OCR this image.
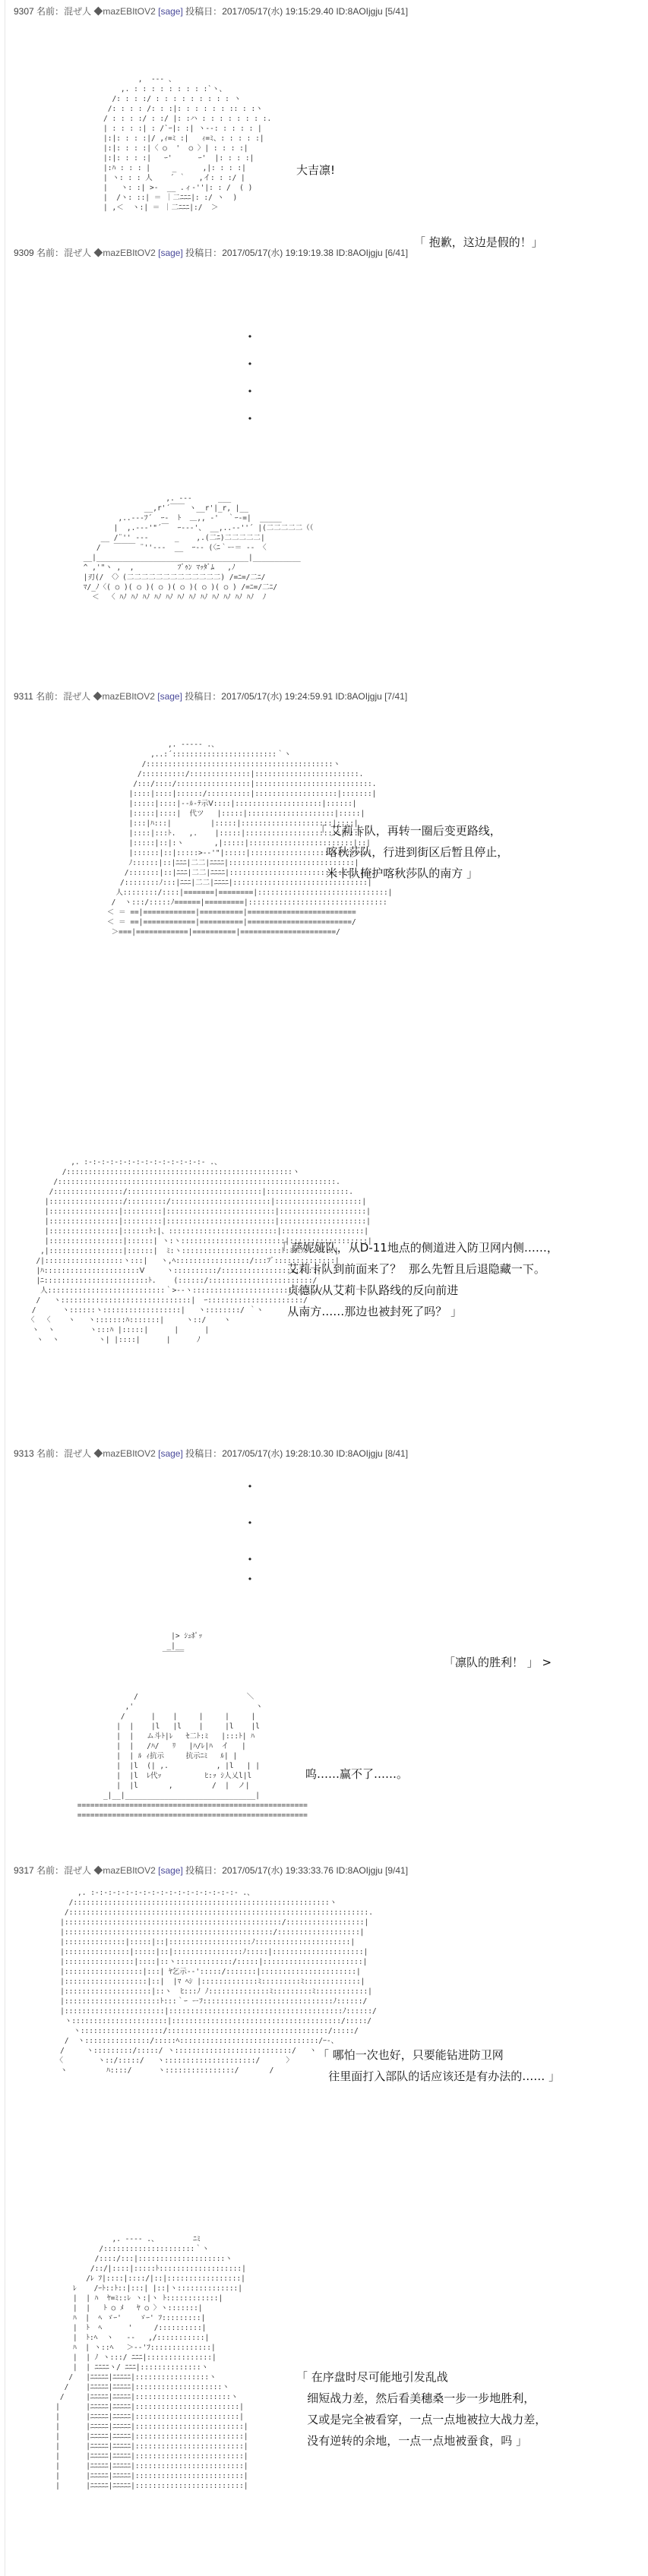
9307 名前：混ぜ人 ◆mazEBItOV2 [sage] 投稿日：2017/05/17(水) 19:15:29.40 ID:8AOIjgju [5/41]
,  -‐- 、
,. : : : : : : : : :`ヽ、
/: : : :/ : : : : : : : : : ヽ
/: : : : /: : :|: : : : : : :: : :ヽ
/ : : : :/ : :/ |: :ハ : : : : : : : :.
| : : : :| : /`ｰ|: :| ヽ‐-: : : : : |
|:|: : : :|/ ,ｨ=ﾐ :|   ｨ=ﾐ、: : : : :|
|:|: : : :|〈 ○  '  ○ 〉| : : : :|
|:|: : : :|   ｰ'      ｰ'  |: : : :|
|:ﾊ : : : |     _      ,|: : : :|
| ヽ: : : 人    ´ ｀   ,イ: : :/ |
|   ヽ: :| >-  __ .ィ‐''|: : /  ( )
|  /ヽ: ::| ＝ ｜二ﾆﾆﾆ|: :/ ヽ  )
| ,＜  ヽ:| ＝ ｜二ﾆﾆﾆ|:/  ＞
大吉凛!
「 抱歉，这边是假的！」
9309 名前：混ぜ人 ◆mazEBItOV2 [sage] 投稿日：2017/05/17(水) 19:19:19.38 ID:8AOIjgju [6/41]
・
・
・
・
,. -‐-      ___
__,r'´￣￣ ヽ__r'|_r, |__
,..---ﾌ´  ｰ-  ﾄ  ＿,, ‐'  ｀ｰ-=|  _____
|  ,.--‐'"´￣  ｰ--‐'、 __,..-‐''´ |(二二二二二（（
__ /¨'' ---      _    ,.(二ﾆ)二二二二二|
/   ￣￣￣ ¨''---  __  ｰ-‐ (〈ﾆ｀ー＝ -- 〈
__|___________________________________|___________
^ ,'"ヽ ,  ,	ﾌﾞｩﾝ ﾏｯﾀﾞﾑ   ,ﾉ
|刃(/ 〈〉(二二二二二二二二二二二二二) /=ﾆ=/二ﾆ/
ﾏ/_ﾉ〈( ○ )( ○ )( ○ )( ○ )( ○ )( ○ ) /=ﾆ=/二ﾆ/
＜  〈 ﾊﾉ ﾊﾉ ﾊﾉ ﾊﾉ ﾊﾉ ﾊﾉ ﾊﾉ ﾊﾉ ﾊﾉ ﾊﾉ ﾊﾉ ﾊﾉ  ﾉ
9311 名前：混ぜ人 ◆mazEBItOV2 [sage] 投稿日：2017/05/17(水) 19:24:59.91 ID:8AOIjgju [7/41]
,. -‐‐‐- .、
,..:´::::::::::::::::::::::::｀ヽ
/:::::::::::::::::::::::::::::::::::::::::::ヽ
/::::::::::/::::::::::::::|::::::::::::::::::::::::.
/:::/::::/:::::::::::::::::|:::::::::::::::::::::::::::.
|::::|::::|::::::/::::::::::|:::::::::::::::::::|:::::::|
|:::::|::::|‐-ﾙ‐ﾃ示Ⅴ::::|::::::::::::::::::::|::::::|
|:::::|::::|  代ツ   |:::::|::::::::::::::::::::|:::::|
|:::|ﾊ:::|         |:::::|:::::::::::::::::::::|::::|
|::::|:::ﾄ.   ,.    |:::::|::::::::::::::::::::::|:::|
|:::::|::|:ヽ       ,|:::::|::::::::::::::::::::::::|::|
|::::::|::|:::::>-‐'"|:::::|:::::::::::::::::::::::::::|
ﾉ::::::|::|ﾆﾆﾆ|二二|ﾆﾆﾆﾆ|:::::::::::::::::::::::::::::|
/:::::::|::|ﾆﾆﾆ|二二|ﾆﾆﾆﾆ|::::::::::::::::::::::::::::::|
/::::::::ﾉ:::|ﾆﾆﾆ|二二|ﾆﾆﾆﾆ|:::::::::::::::::::::::::::::::|
人::::::::/::::|=======|========|::::::::::::::::::::::::::::::|
/  ヽ:::/:::::ﾉ======|=========|::::::::::::::::::::::::::::::::
＜ ＝ ==|============|==========|=========================
＜ ＝ ==|============|==========|========================/
＞===|============|==========|======================/
「 艾莉卡队，再转一圈后变更路线，
喀秋莎队，行进到街区后暂且停止，
米卡队掩护喀秋莎队的南方 」
,. :‐:‐:‐:‐:‐:‐:‐:‐:‐:‐:‐:‐:‐:- .、
/::::::::::::::::::::::::::::::::::::::::::::::::::::ヽ
/::::::::::::::::::::::::::::::::::::::::::::::::::::::::::::::::.
/::::::::::::::::/:::::::::::::::::::::::::::::::|:::::::::::::::::::.
|:::::::::::::::::/:::::::::/:::::::::::::::::::::::|::::::::::::::::::::|
|::::::::::::::::|:::::::::|:::::::::::::::::::::::::|::::::::::::::::::::|
|::::::::::::::::|:::::::::|:::::::::::::::::::::::::|::::::::::::::::::::|
|::::::::::::::::|::::::ﾄ:|、:::::::::::::::::::::::::|:::::::::::::::::::|
|:::::::::::::::::|::::::| ヽ:ヽ::::::::::::::::::::::::|::::::::::::::::::|
,|:::::::::::::::::|::::::|  ﾐ:ヽ:::::::::::::::::::::::ﾄ:ﾐﾐﾐﾂ:::::::|
/|::::::::::::::::::ヽ:::|   ヽ,ﾍ:::::::::::::::::/:::ﾌﾞ::::::::::::::|
|ﾊ::::::::::::::::::::::Ⅴ     ヽ::::::::::/::::::::::::::::::::::|
|ﾆ::::::::::::::::::::::::ﾄ.    (::::::/::::::::::::::::::::::::/
人:::::::::::::::::::::::::::｀>-‐ヽ:::::::::::::::::::::::::::::/
/   ヽ::::::::::::::::::::::::::::::|  ｰ::::::::::::::::::::::/
/      ヽ::::::ヽ::::::::::::::::::|   ヽ::::::::/ ｀ヽ
〈  〈    ヽ   ヽ:::::::ﾊ:::::::|     ヽ::/    ヽ
ヽ  ヽ        ヽ:::ﾊ |:::::|      |      |
ヽ  ヽ         ヽ| |::::|      |      ﾉ
「 萨妮娅队，从D-11地点的侧道进入防卫网内侧……，
艾莉卡队到前面来了？  那么先暂且后退隐藏一下。
贞德队从艾莉卡队路线的反向前进
从南方……那边也被封死了吗？ 」
9313 名前：混ぜ人 ◆mazEBItOV2 [sage] 投稿日：2017/05/17(水) 19:28:10.30 ID:8AOIjgju [8/41]
・
・
・
・
|> ｼｭﾎﾟｯ
_|__
￣￣￣	「凛队的胜利！ 」 >
/                         ＼
,'                            ヽ
/      |    |     |     |     |
|  |    |l   |l    |     |l    |l
|  |   ム斗ﾄ|ﾚ   ｾ二ﾄ:ﾐ   |:::ﾄ| ﾊ
|  |   /ﾊ/   ﾘ   |ﾊ/ﾚ|ﾊ  イ   |
|  | ﾙ ｨ抗示     抗示ﾆﾐ   ﾙ| |
|  |l  (| ,.           , |l   | |
|  |l  ﾚ代ｯ          ﾋ:ｯ ｼ人乂l|l
|  |l       ,         /  |  ノ|
_|__|______________________________|
=====================================================
=====================================================
呜……赢不了……。
9317 名前：混ぜ人 ◆mazEBItOV2 [sage] 投稿日：2017/05/17(水) 19:33:33.76 ID:8AOIjgju [9/41]
,. :‐:‐:‐:‐:‐:‐:‐:‐:‐:‐:‐:‐:‐:‐:‐:‐:- .、
/:::::::::::::::::::::::::::::::::::::::::::::::::::::::::::ヽ
/:::::::::::::::::::::::::::::::::::::::::::::::::::::::::::::::::::::.
|::::::::::::::::::::::::::::::::::::::::::::::::::/::::::::::::::::::|
|::::::::::::::::::::::::::::::::::::::::::::::::/:::::::::::::::::::|
|::::::::::::::|:::::|::|:::::::::::::::::::ﾉ::::::::::::::::::::::|
|:::::::::::::::|:::::|::|::::::::::::::::ﾉ:::::|:::::::::::::::::::::|
|::::::::::::::::|::::|::ヽ:::::::::::::/:::::|:::::::::::::::::::::::|
|::::::::::::::::::|:::| ﾔ乞示-‐':::::/:::::::|::::::::::::::::::::::|
|:::::::::::::::::::|::|  |ﾏ ﾍｼ |:::::::::::::ﾐ:::::::::ﾐ:::::::::::::|
|::::::::::::::::::::|::ヽ  ﾋ:::ﾉ ﾉ::::::::::::::ﾐ:::::::::ﾐ::::::::::::|
|::::::::::::::::::::::ﾄ:::｀ｰ ーﾌ::::::::::::::::::::::::::::::ﾉ::::::/
|:::::::::::::::::::::::|::::::::::::::::::::::::::::::::::::::::ﾉ::::::/
ヽ::::::::::::::::::::::|:::::::::::::::::::::::::::::::::::::::/:::::/
ヽ:::::::::::::::::::/:::::::::::::::::::::::::::::::::::::/:::::/
/  ヽ:::::::::::::::/:::::ﾍ::::::::::::::::::::::::::::::::/ｰ-、
/     ヽ:::::::::/:::::/ ヽ:::::::::::::::::::::::::::/   ヽ
〈        ヽ::/:::::/   ヽ:::::::::::::::::::::/      〉
ヽ         ﾊ::::/      ヽ::::::::::::::::/       /
「 哪怕一次也好，只要能钻进防卫网
往里面打入部队的话应该还是有办法的…… 」
,. ‐‐‐‐ .、        ﾆﾐ
/:::::::::::::::::::::｀ヽ
/::::/:::|::::::::::::::::::::ヽ
/::/|::::|:::::ﾄ:::::::::::::::::::|
/ﾚ ﾌ|::::|::::/|::|:::::::::::::::::|
ﾚ    /ｰﾄ::ﾄ::|:::| |::|ヽ::::::::::::::|
|  | ﾊ  ﾔ=ﾐ::ﾚ ヽ:|ヽ ﾄ::::::::::::|
|  |   ﾄ ○ ﾒ   ﾔ ○ 〉ヽ:::::::|
ﾊ  |  ﾍ ゞｰ'    ゞｰ' ﾌ:::::::::|
|  ﾄ  ﾍ      '     /::::::::::|
|  ﾄ:ﾍ  ヽ   --   ,/:::::::::::|
ﾊ  | ヽ::ﾍ   ＞-‐'ﾌ::::::::::::::|
|  | ﾉ ヽ:::/ ﾆﾆﾆ|:::::::::::::::|
|  | ﾆﾆﾆﾆヽ/ ﾆﾆﾆ|::::::::::::::ヽ
/   |ﾆﾆﾆﾆﾆ|ﾆﾆﾆﾆﾆ|:::::::::::::::::ヽ
/    |ﾆﾆﾆﾆﾆ|ﾆﾆﾆﾆﾆ|::::::::::::::::::::ヽ
/     |ﾆﾆﾆﾆﾆ|ﾆﾆﾆﾆﾆ|::::::::::::::::::::::ヽ
|      |ﾆﾆﾆﾆﾆ|ﾆﾆﾆﾆﾆ|::::::::::::::::::::::::|
|      |ﾆﾆﾆﾆﾆ|ﾆﾆﾆﾆﾆ|::::::::::::::::::::::::|
|      |ﾆﾆﾆﾆﾆ|ﾆﾆﾆﾆﾆ|:::::::::::::::::::::::::|
|      |ﾆﾆﾆﾆﾆ|ﾆﾆﾆﾆﾆ|:::::::::::::::::::::::::|
|      |ﾆﾆﾆﾆﾆ|ﾆﾆﾆﾆﾆ|:::::::::::::::::::::::::|
|      |ﾆﾆﾆﾆﾆ|ﾆﾆﾆﾆﾆ|:::::::::::::::::::::::::|
|      |ﾆﾆﾆﾆﾆ|ﾆﾆﾆﾆﾆ|:::::::::::::::::::::::::|
|      |ﾆﾆﾆﾆﾆ|ﾆﾆﾆﾆﾆ|:::::::::::::::::::::::::|
|      |ﾆﾆﾆﾆﾆ|ﾆﾆﾆﾆﾆ|:::::::::::::::::::::::::|
「 在序盘时尽可能地引发乱战
细短战力差，然后看美穗桑一步一步地胜利，
又或是完全被看穿，一点一点地被拉大战力差，
没有逆转的余地，一点一点地被蚕食，吗 」
